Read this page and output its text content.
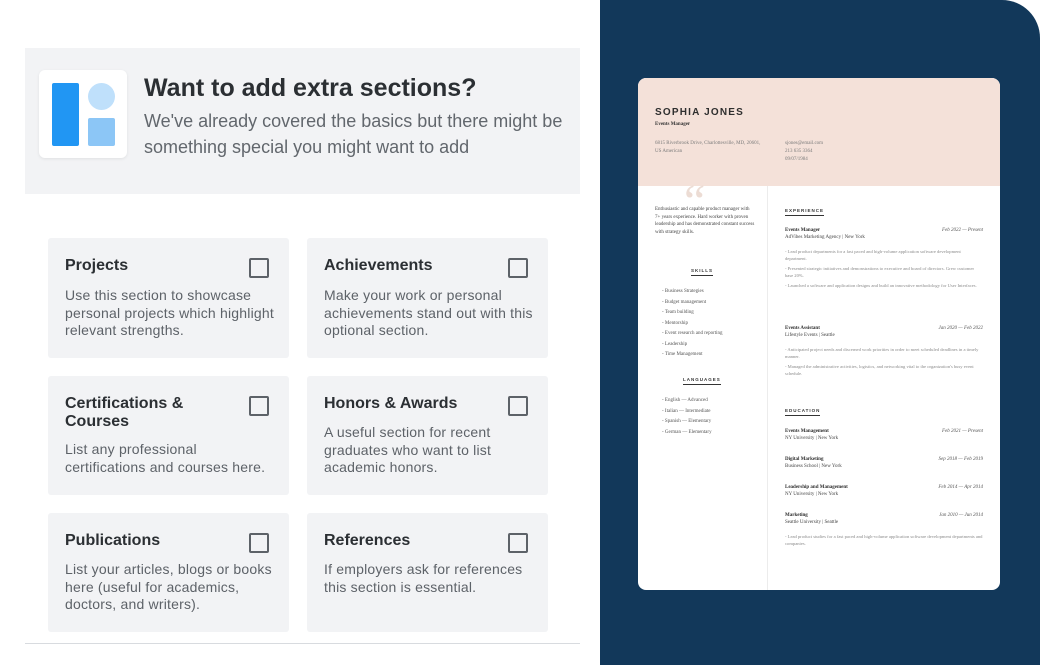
Want to add extra sections?
We've already covered the basics but there might be something special you might want to add
Projects
Use this section to showcase personal projects which highlight relevant strengths.
Achievements
Make your work or personal achievements stand out with this optional section.
Certifications & Courses
List any professional certifications and courses here.
Honors & Awards
A useful section for recent graduates who want to list academic honors.
Publications
List your articles, blogs or books here (useful for academics, doctors, and writers).
References
If employers ask for references this section is essential.
SOPHIA JONES
Events Manager
6815 Riverbrook Drive, Charlottesville, MD, 20601, US American
sjones@email.com
213 635 3364
09/07/1984
“
Enthusiastic and capable product manager with 7+ years experience. Hard worker with proven leadership and has demonstrated constant success with strategy skills.
SKILLS
- Business Strategies
- Budget management
- Team building
- Mentorship
- Event research and reporting
- Leadership
- Time Management
LANGUAGES
- English — Advanced
- Italian — Intermediate
- Spanish — Elementary
- German — Elementary
EXPERIENCE
Events Manager	Feb 2022 — Present
AdVibes Marketing Agency | New York
- Lead product departments for a fast paced and high-volume application software development department.
- Presented strategic initiatives and demonstrations to executive and board of directors. Grew customer base 20%.
- Launched a software and application designs and build an innovative methodology for User Interfaces.
Events Assistant	Jan 2020 — Feb 2022
Lifestyle Events | Seattle
- Anticipated project needs and discerned work priorities in order to meet scheduled deadlines in a timely manner.
- Managed the administrative activities, logistics, and networking vital to the organization's busy event schedule.
EDUCATION
Events Management	Feb 2021 — Present
NY University | New York
Digital Marketing	Sep 2018 — Feb 2019
Business School | New York
Leadership and Management	Feb 2014 — Apr 2014
NY University | New York
Marketing	Jan 2010 — Jun 2014
Seattle University | Seattle
- Lead product studies for a fast paced and high-volume application software development departments and companies.
